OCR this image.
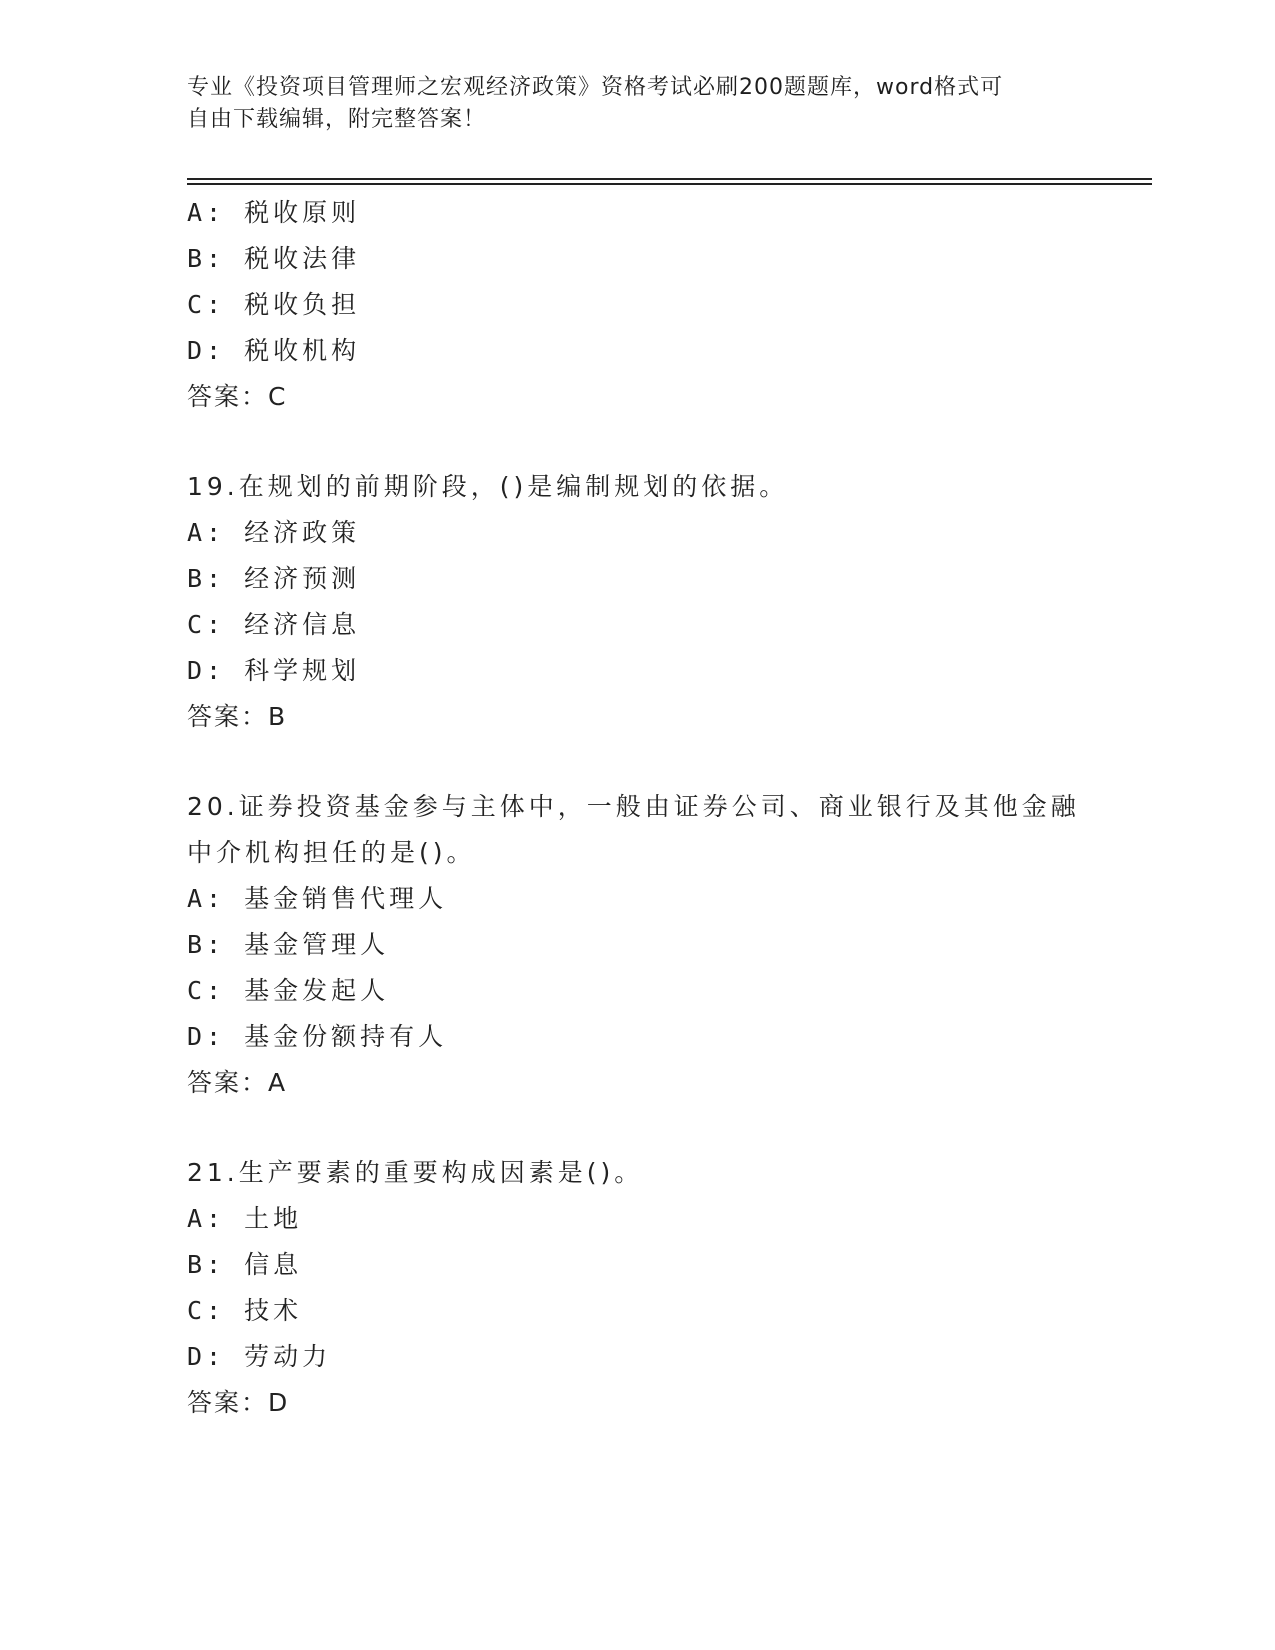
专业《投资项目管理师之宏观经济政策》资格考试必刷200题题库，word格式可
自由下载编辑，附完整答案！
A: 税收原则
B: 税收法律
C: 税收负担
D: 税收机构
答案：C
19.在规划的前期阶段，()是编制规划的依据。
A: 经济政策
B: 经济预测
C: 经济信息
D: 科学规划
答案：B
20.证券投资基金参与主体中，一般由证券公司、商业银行及其他金融
中介机构担任的是()。
A: 基金销售代理人
B: 基金管理人
C: 基金发起人
D: 基金份额持有人
答案：A
21.生产要素的重要构成因素是()。
A: 土地
B: 信息
C: 技术
D: 劳动力
答案：D
